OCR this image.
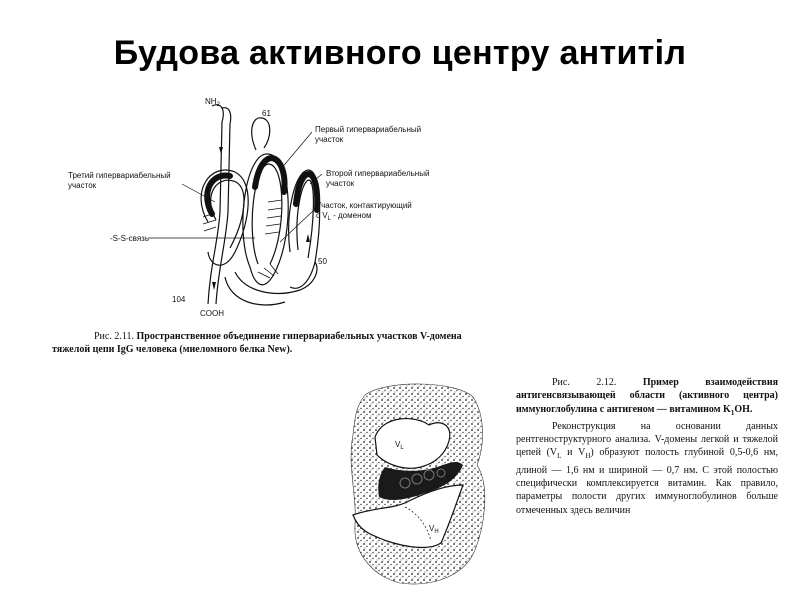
Будова активного центру антитіл
$NH_2$
61
50
104
COOH
Первый гипервариабельный
участок
Второй гипервариабельный
участок
Третий гипервариабельный
участок
Участок, контактирующий
с $V_L$ - доменом
-S-S-связь
Рис. 2.11. Пространственное объединение гипервариабельных участков V-домена тяжелой цепи IgG человека (миеломного белка New).
$V_L$
$V_H$

Рис. 2.12.	Пример взаимодействия антигенсвязывающей области (активного центра) иммуноглобулина с антигеном — витамином $K_1OH$.

Реконструкция на основании данных рентгеноструктурного анализа. V-домены легкой и тяжелой цепей ($V_L$ и $V_H$) образуют полость глубиной 0,5-0,6 нм, длиной — 1,6 нм и шириной — 0,7 нм. С этой полостью специфически комплексируется витамин. Как правило, параметры полости других иммуноглобулинов больше отмеченных здесь величин
